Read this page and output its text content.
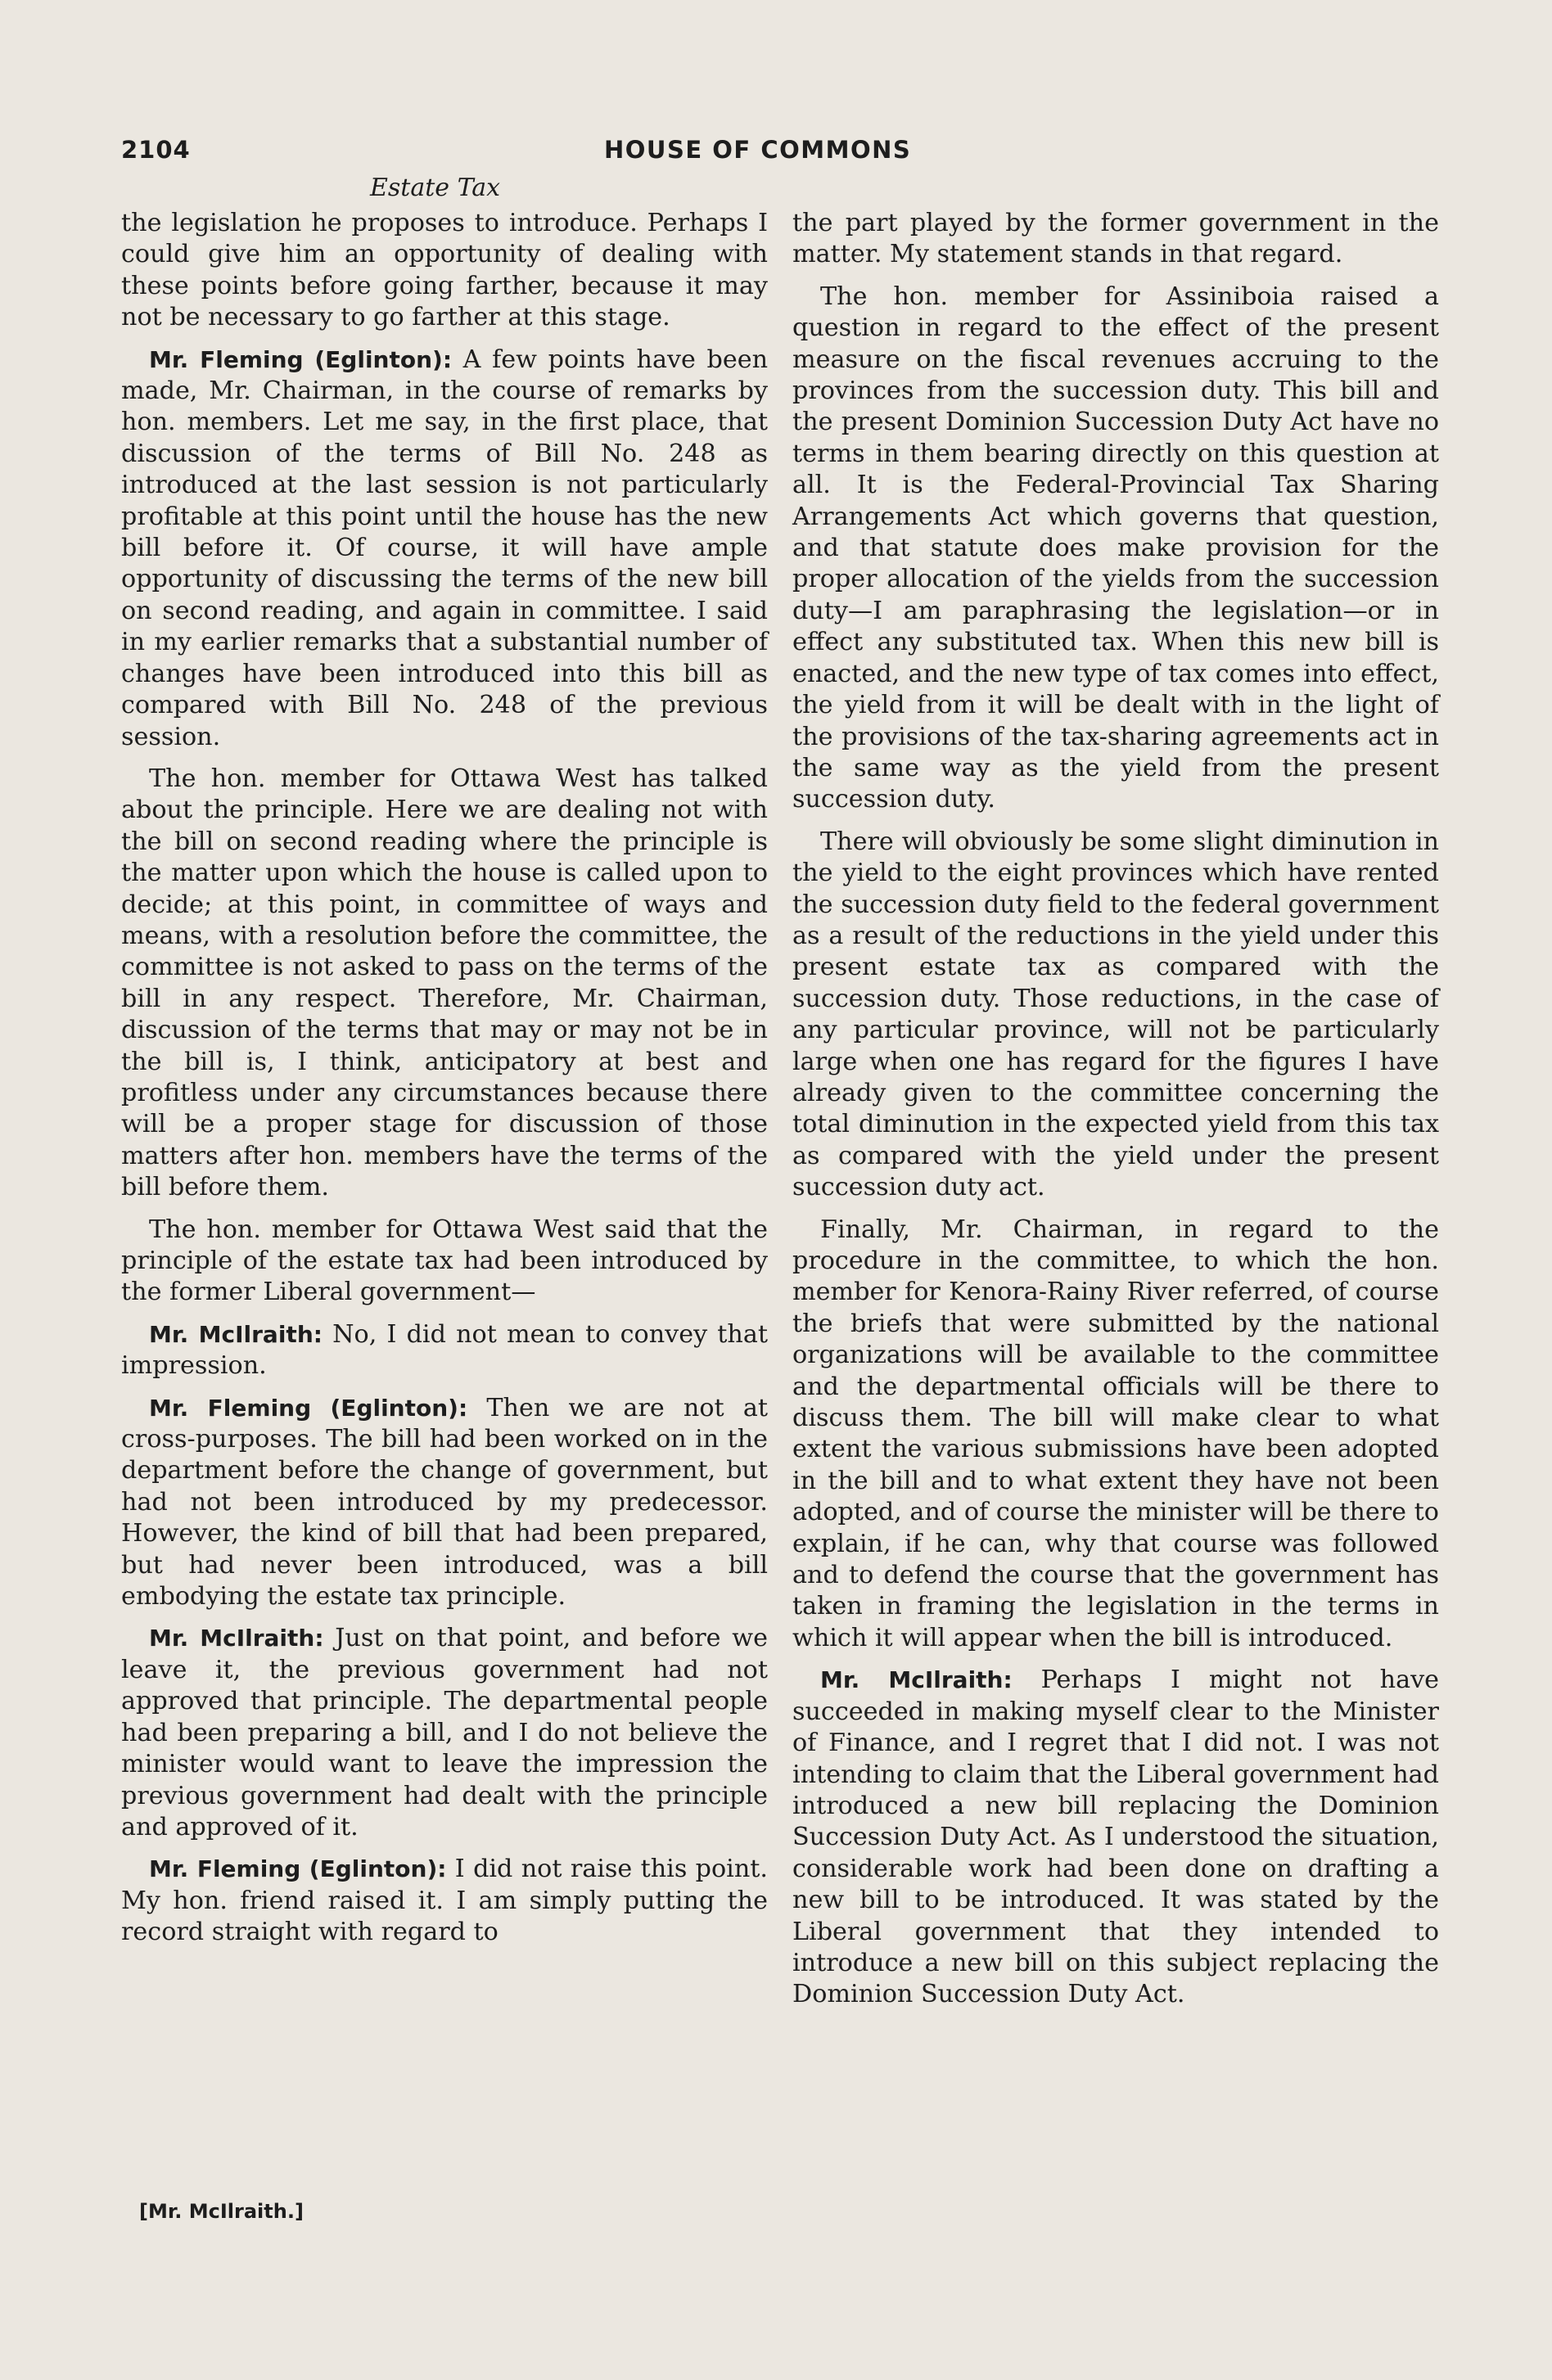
2104	HOUSE OF COMMONS
Estate Tax

the legislation he proposes to introduce. Perhaps I could give him an opportunity of dealing with these points before going farther, because it may not be necessary to go farther at this stage.

Mr. Fleming (Eglinton): A few points have been made, Mr. Chairman, in the course of remarks by hon. members. Let me say, in the first place, that discussion of the terms of Bill No. 248 as introduced at the last session is not particularly profitable at this point until the house has the new bill before it. Of course, it will have ample opportunity of discussing the terms of the new bill on second reading, and again in committee. I said in my earlier remarks that a substantial number of changes have been introduced into this bill as compared with Bill No. 248 of the previous session.

The hon. member for Ottawa West has talked about the principle. Here we are dealing not with the bill on second reading where the principle is the matter upon which the house is called upon to decide; at this point, in committee of ways and means, with a resolution before the committee, the committee is not asked to pass on the terms of the bill in any respect. Therefore, Mr. Chairman, discussion of the terms that may or may not be in the bill is, I think, anticipatory at best and profitless under any circumstances because there will be a proper stage for discussion of those matters after hon. members have the terms of the bill before them.

The hon. member for Ottawa West said that the principle of the estate tax had been introduced by the former Liberal government—

Mr. McIlraith: No, I did not mean to convey that impression.

Mr. Fleming (Eglinton): Then we are not at cross-purposes. The bill had been worked on in the department before the change of government, but had not been introduced by my predecessor. However, the kind of bill that had been prepared, but had never been introduced, was a bill embodying the estate tax principle.

Mr. McIlraith: Just on that point, and before we leave it, the previous government had not approved that principle. The departmental people had been preparing a bill, and I do not believe the minister would want to leave the impression the previous government had dealt with the principle and approved of it.

Mr. Fleming (Eglinton): I did not raise this point. My hon. friend raised it. I am simply putting the record straight with regard to

the part played by the former government in the matter. My statement stands in that regard.

The hon. member for Assiniboia raised a question in regard to the effect of the present measure on the fiscal revenues accruing to the provinces from the succession duty. This bill and the present Dominion Succession Duty Act have no terms in them bearing directly on this question at all. It is the Federal-Provincial Tax Sharing Arrangements Act which governs that question, and that statute does make provision for the proper allocation of the yields from the succession duty—I am paraphrasing the legislation—or in effect any substituted tax. When this new bill is enacted, and the new type of tax comes into effect, the yield from it will be dealt with in the light of the provisions of the tax-sharing agreements act in the same way as the yield from the present succession duty.

There will obviously be some slight diminution in the yield to the eight provinces which have rented the succession duty field to the federal government as a result of the reductions in the yield under this present estate tax as compared with the succession duty. Those reductions, in the case of any particular province, will not be particularly large when one has regard for the figures I have already given to the committee concerning the total diminution in the expected yield from this tax as compared with the yield under the present succession duty act.

Finally, Mr. Chairman, in regard to the procedure in the committee, to which the hon. member for Kenora-Rainy River referred, of course the briefs that were submitted by the national organizations will be available to the committee and the departmental officials will be there to discuss them. The bill will make clear to what extent the various submissions have been adopted in the bill and to what extent they have not been adopted, and of course the minister will be there to explain, if he can, why that course was followed and to defend the course that the government has taken in framing the legislation in the terms in which it will appear when the bill is introduced.

Mr. McIlraith: Perhaps I might not have succeeded in making myself clear to the Minister of Finance, and I regret that I did not. I was not intending to claim that the Liberal government had introduced a new bill replacing the Dominion Succession Duty Act. As I understood the situation, considerable work had been done on drafting a new bill to be introduced. It was stated by the Liberal government that they intended to introduce a new bill on this subject replacing the Dominion Succession Duty Act.

[Mr. McIlraith.]
